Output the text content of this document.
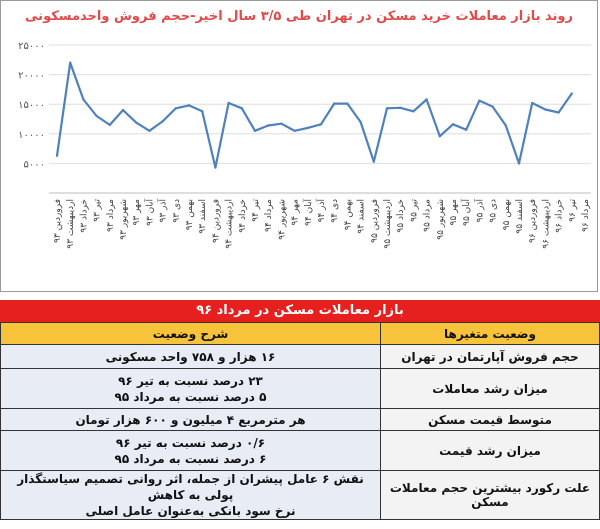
روند بازار معاملات خرید مسکن در تهران طی ۳/۵ سال اخیر-حجم فروش واحدمسکونی
۵۰۰۰
۱۰۰۰۰
۱۵۰۰۰
۲۰۰۰۰
۲۵۰۰۰
فروردین ۹۳
اردیبهشت ۹۳ خرداد ۹۳ تیر ۹۳
مرداد ۹۳
شهریور ۹۳ مهر ۹۳
آبان ۹۳
آذر ۹۳
دی ۹۳
بهمن ۹۳
اسفند ۹۳
فروردین ۹۴
اردیبهشت ۹۴ خرداد ۹۴ تیر ۹۴
مرداد ۹۴
شهریور ۹۴ مهر ۹۴
آبان ۹۴
آذر ۹۴
دی ۹۴
بهمن ۹۴
اسفند ۹۴
فروردین ۹۵
اردیبهشت ۹۵ خرداد ۹۵ تیر ۹۵
مرداد ۹۵
شهریور ۹۵ مهر ۹۵
آبان ۹۵
آذر ۹۵
دی ۹۵
بهمن ۹۵
اسفند ۹۵
فروردین ۹۶
اردیبهشت ۹۶ خرداد ۹۶ تیر ۹۶
مرداد ۹۶
بازار معاملات مسکن در مرداد ۹۶
وضعیت متغیرها	شرح وضعیت
حجم فروش آپارتمان در تهران	۱۶ هزار و ۷۵۸ واحد مسکونی

میزان رشد معاملات	۲۳ درصد نسبت به تیر ۹۶
۵ درصد نسبت به مرداد ۹۵

متوسط قیمت مسکن	هر مترمربع ۴ میلیون و ۶۰۰ هزار تومان

میزان رشد قیمت	۰/۶ درصد نسبت به تیر ۹۶
۶ درصد نسبت به مرداد ۹۵

علت رکورد بیشترین حجم معاملات مسکن	نقش ۶ عامل پیشران از جمله، اثر روانی تصمیم سیاستگذار پولی به کاهش
نرخ سود بانکی به‌عنوان عامل اصلی
